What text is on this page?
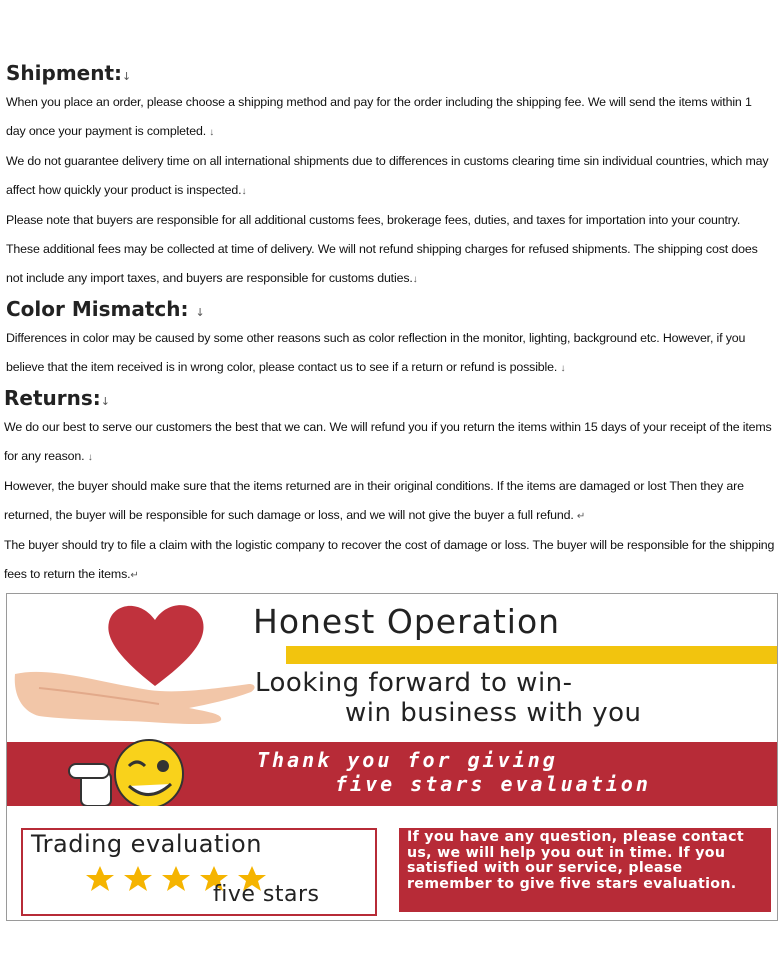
Shipment:↓
When you place an order, please choose a shipping method and pay for the order including the shipping fee. We will send the items within 1 day once your payment is completed. ↓
We do not guarantee delivery time on all international shipments due to differences in customs clearing time sin individual countries, which may affect how quickly your product is inspected.↓
Please note that buyers are responsible for all additional customs fees, brokerage fees, duties, and taxes for importation into your country. These additional fees may be collected at time of delivery. We will not refund shipping charges for refused shipments. The shipping cost does not include any import taxes, and buyers are responsible for customs duties.↓
Color Mismatch: ↓
Differences in color may be caused by some other reasons such as color reflection in the monitor, lighting, background etc. However, if you believe that the item received is in wrong color, please contact us to see if a return or refund is possible. ↓
Returns:↓
We do our best to serve our customers the best that we can. We will refund you if you return the items within 15 days of your receipt of the items for any reason. ↓
However, the buyer should make sure that the items returned are in their original conditions. If the items are damaged or lost Then they are returned, the buyer will be responsible for such damage or loss, and we will not give the buyer a full refund. ↵
The buyer should try to file a claim with the logistic company to recover the cost of damage or loss. The buyer will be responsible for the shipping fees to return the items.↵
Honest Operation
Looking forward to win-
win business with you
Thank you for giving
five stars evaluation
Trading evaluation
five stars
If you have any question, please contact us, we will help you out in time. If you satisfied with our service, please remember to give five stars evaluation.
